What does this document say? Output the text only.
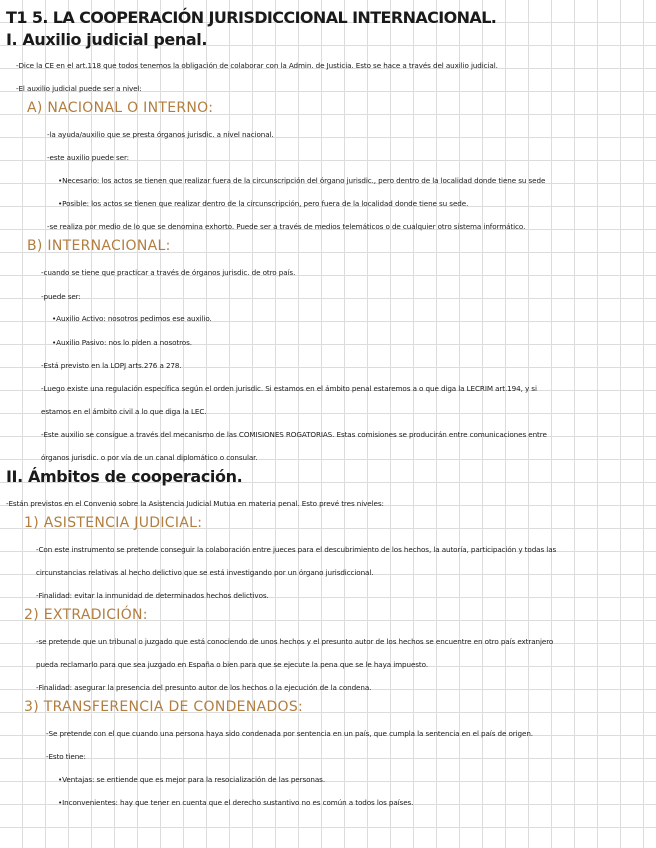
T1 5. LA COOPERACIÓN JURISDICCIONAL INTERNACIONAL.
I. Auxilio judicial penal.
-Dice la CE en el art.118 que todos tenemos la obligación de colaborar con la Admin. de Justicia. Esto se hace a través del auxilio judicial.
-El auxilio judicial puede ser a nivel:
A) NACIONAL O INTERNO:
-la ayuda/auxilio que se presta órganos jurisdic. a nivel nacional.
-este auxilio puede ser:
•Necesario: los actos se tienen que realizar fuera de la circunscripción del órgano jurisdic., pero dentro de la localidad donde tiene su sede
•Posible: los actos se tienen que realizar dentro de la circunscripción, pero fuera de la localidad donde tiene su sede.
-se realiza por medio de lo que se denomina exhorto. Puede ser a través de medios telemáticos o de cualquier otro sistema informático.
B) INTERNACIONAL:
-cuando se tiene que practicar a través de órganos jurisdic. de otro país.
-puede ser:
•Auxilio Activo: nosotros pedimos ese auxilio.
•Auxilio Pasivo: nos lo piden a nosotros.
-Está previsto en la LOPJ arts.276 a 278.
-Luego existe una regulación específica según el orden jurisdic. Si estamos en el ámbito penal estaremos a o que diga la LECRIM art.194, y si
estamos en el ámbito civil a lo que diga la LEC.
-Este auxilio se consigue a través del mecanismo de las COMISIONES ROGATORIAS. Estas comisiones se producirán entre comunicaciones entre
órganos jurisdic. o por vía de un canal diplomático o consular.
II. Ámbitos de cooperación.
-Están previstos en el Convenio sobre la Asistencia Judicial Mutua en materia penal. Esto prevé tres niveles:
1) ASISTENCIA JUDICIAL:
-Con este instrumento se pretende conseguir la colaboración entre jueces para el descubrimiento de los hechos, la autoría, participación y todas las
circunstancias relativas al hecho delictivo que se está investigando por un órgano jurisdiccional.
-Finalidad: evitar la inmunidad de determinados hechos delictivos.
2) EXTRADICIÓN:
-se pretende que un tribunal o juzgado que está conociendo de unos hechos y el presunto autor de los hechos se encuentre en otro país extranjero
pueda reclamarlo para que sea juzgado en España o bien para que se ejecute la pena que se le haya impuesto.
-Finalidad: asegurar la presencia del presunto autor de los hechos o la ejecución de la condena.
3) TRANSFERENCIA DE CONDENADOS:
-Se pretende con el que cuando una persona haya sido condenada por sentencia en un país, que cumpla la sentencia en el país de origen.
-Esto tiene:
•Ventajas: se entiende que es mejor para la resocialización de las personas.
•Inconvenientes: hay que tener en cuenta que el derecho sustantivo no es común a todos los países.
